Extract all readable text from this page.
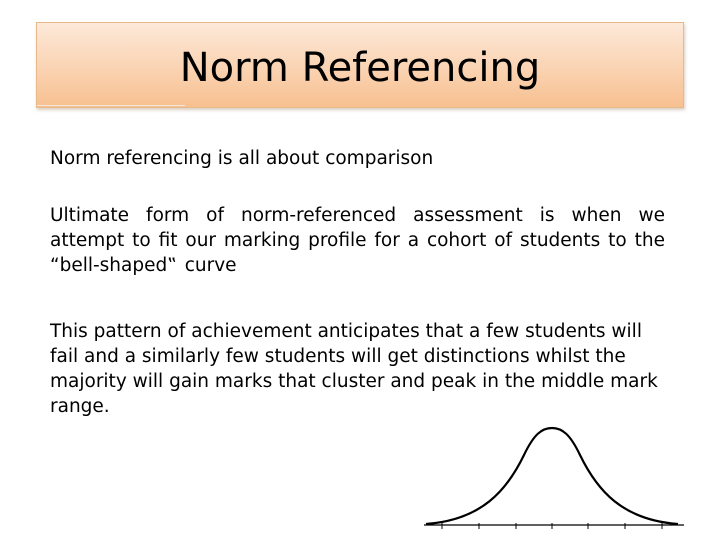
Norm Referencing

Norm referencing is all about comparison

Ultimate form of norm-referenced assessment is when we attempt to fit our marking profile for a cohort of students to the “bell-shaped‟ curve

This pattern of achievement anticipates that a few students will fail and a similarly few students will get distinctions whilst the majority will gain marks that cluster and peak in the middle mark range.
